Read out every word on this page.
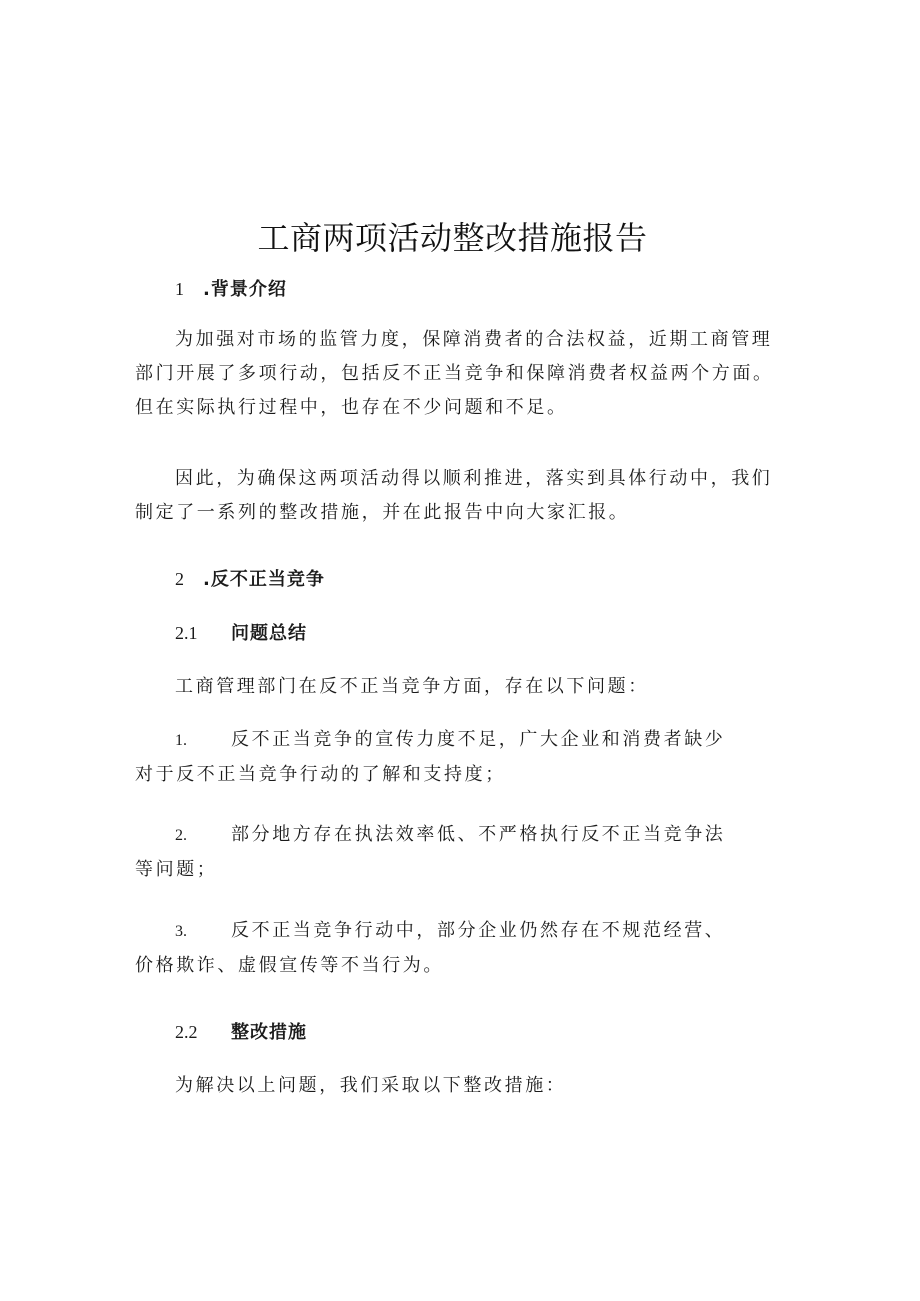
工商两项活动整改措施报告
1 .背景介绍
为加强对市场的监管力度，保障消费者的合法权益，近期工商管理部门开展了多项行动，包括反不正当竞争和保障消费者权益两个方面。但在实际执行过程中，也存在不少问题和不足。
因此，为确保这两项活动得以顺利推进，落实到具体行动中，我们制定了一系列的整改措施，并在此报告中向大家汇报。
2 .反不正当竞争
2.1 问题总结
工商管理部门在反不正当竞争方面，存在以下问题：
1. 反不正当竞争的宣传力度不足，广大企业和消费者缺少对于反不正当竞争行动的了解和支持度；
2. 部分地方存在执法效率低、不严格执行反不正当竞争法等问题；
3. 反不正当竞争行动中，部分企业仍然存在不规范经营、价格欺诈、虚假宣传等不当行为。
2.2 整改措施
为解决以上问题，我们采取以下整改措施：
